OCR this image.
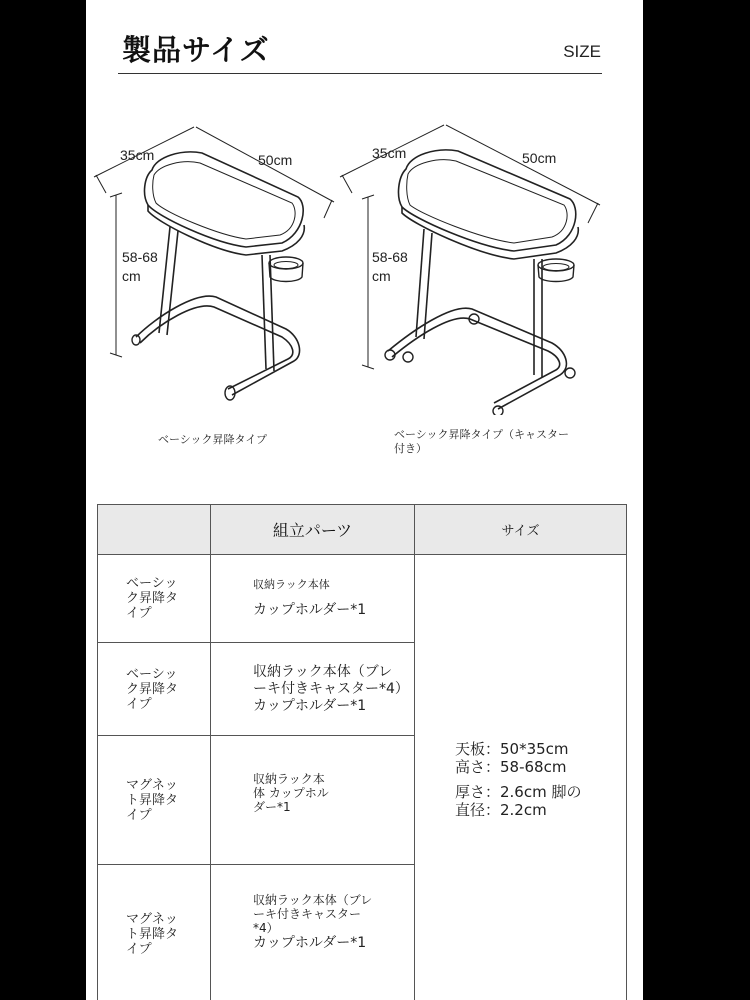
製品サイズ	SIZE
35cm	50cm
58-68
cm
ベーシック昇降タイプ
35cm	50cm
58-68
cm
ベーシック昇降タイプ（キャスター付き）
	組立パーツ	サイズ

ベーシック昇降タイプ	収納ラック本体
カップホルダー*1	天板：50*35cm
高さ：58-68cm
厚さ：2.6cm 脚の直径：2.2cm

ベーシック昇降タイプ	収納ラック本体（ブレーキ付きキャスター*4）
カップホルダー*1	

マグネット昇降タイプ	収納ラック本体 カップホルダー*1	

マグネット昇降タイプ	収納ラック本体（ブレーキ付きキャスター*4）
カップホルダー*1	
